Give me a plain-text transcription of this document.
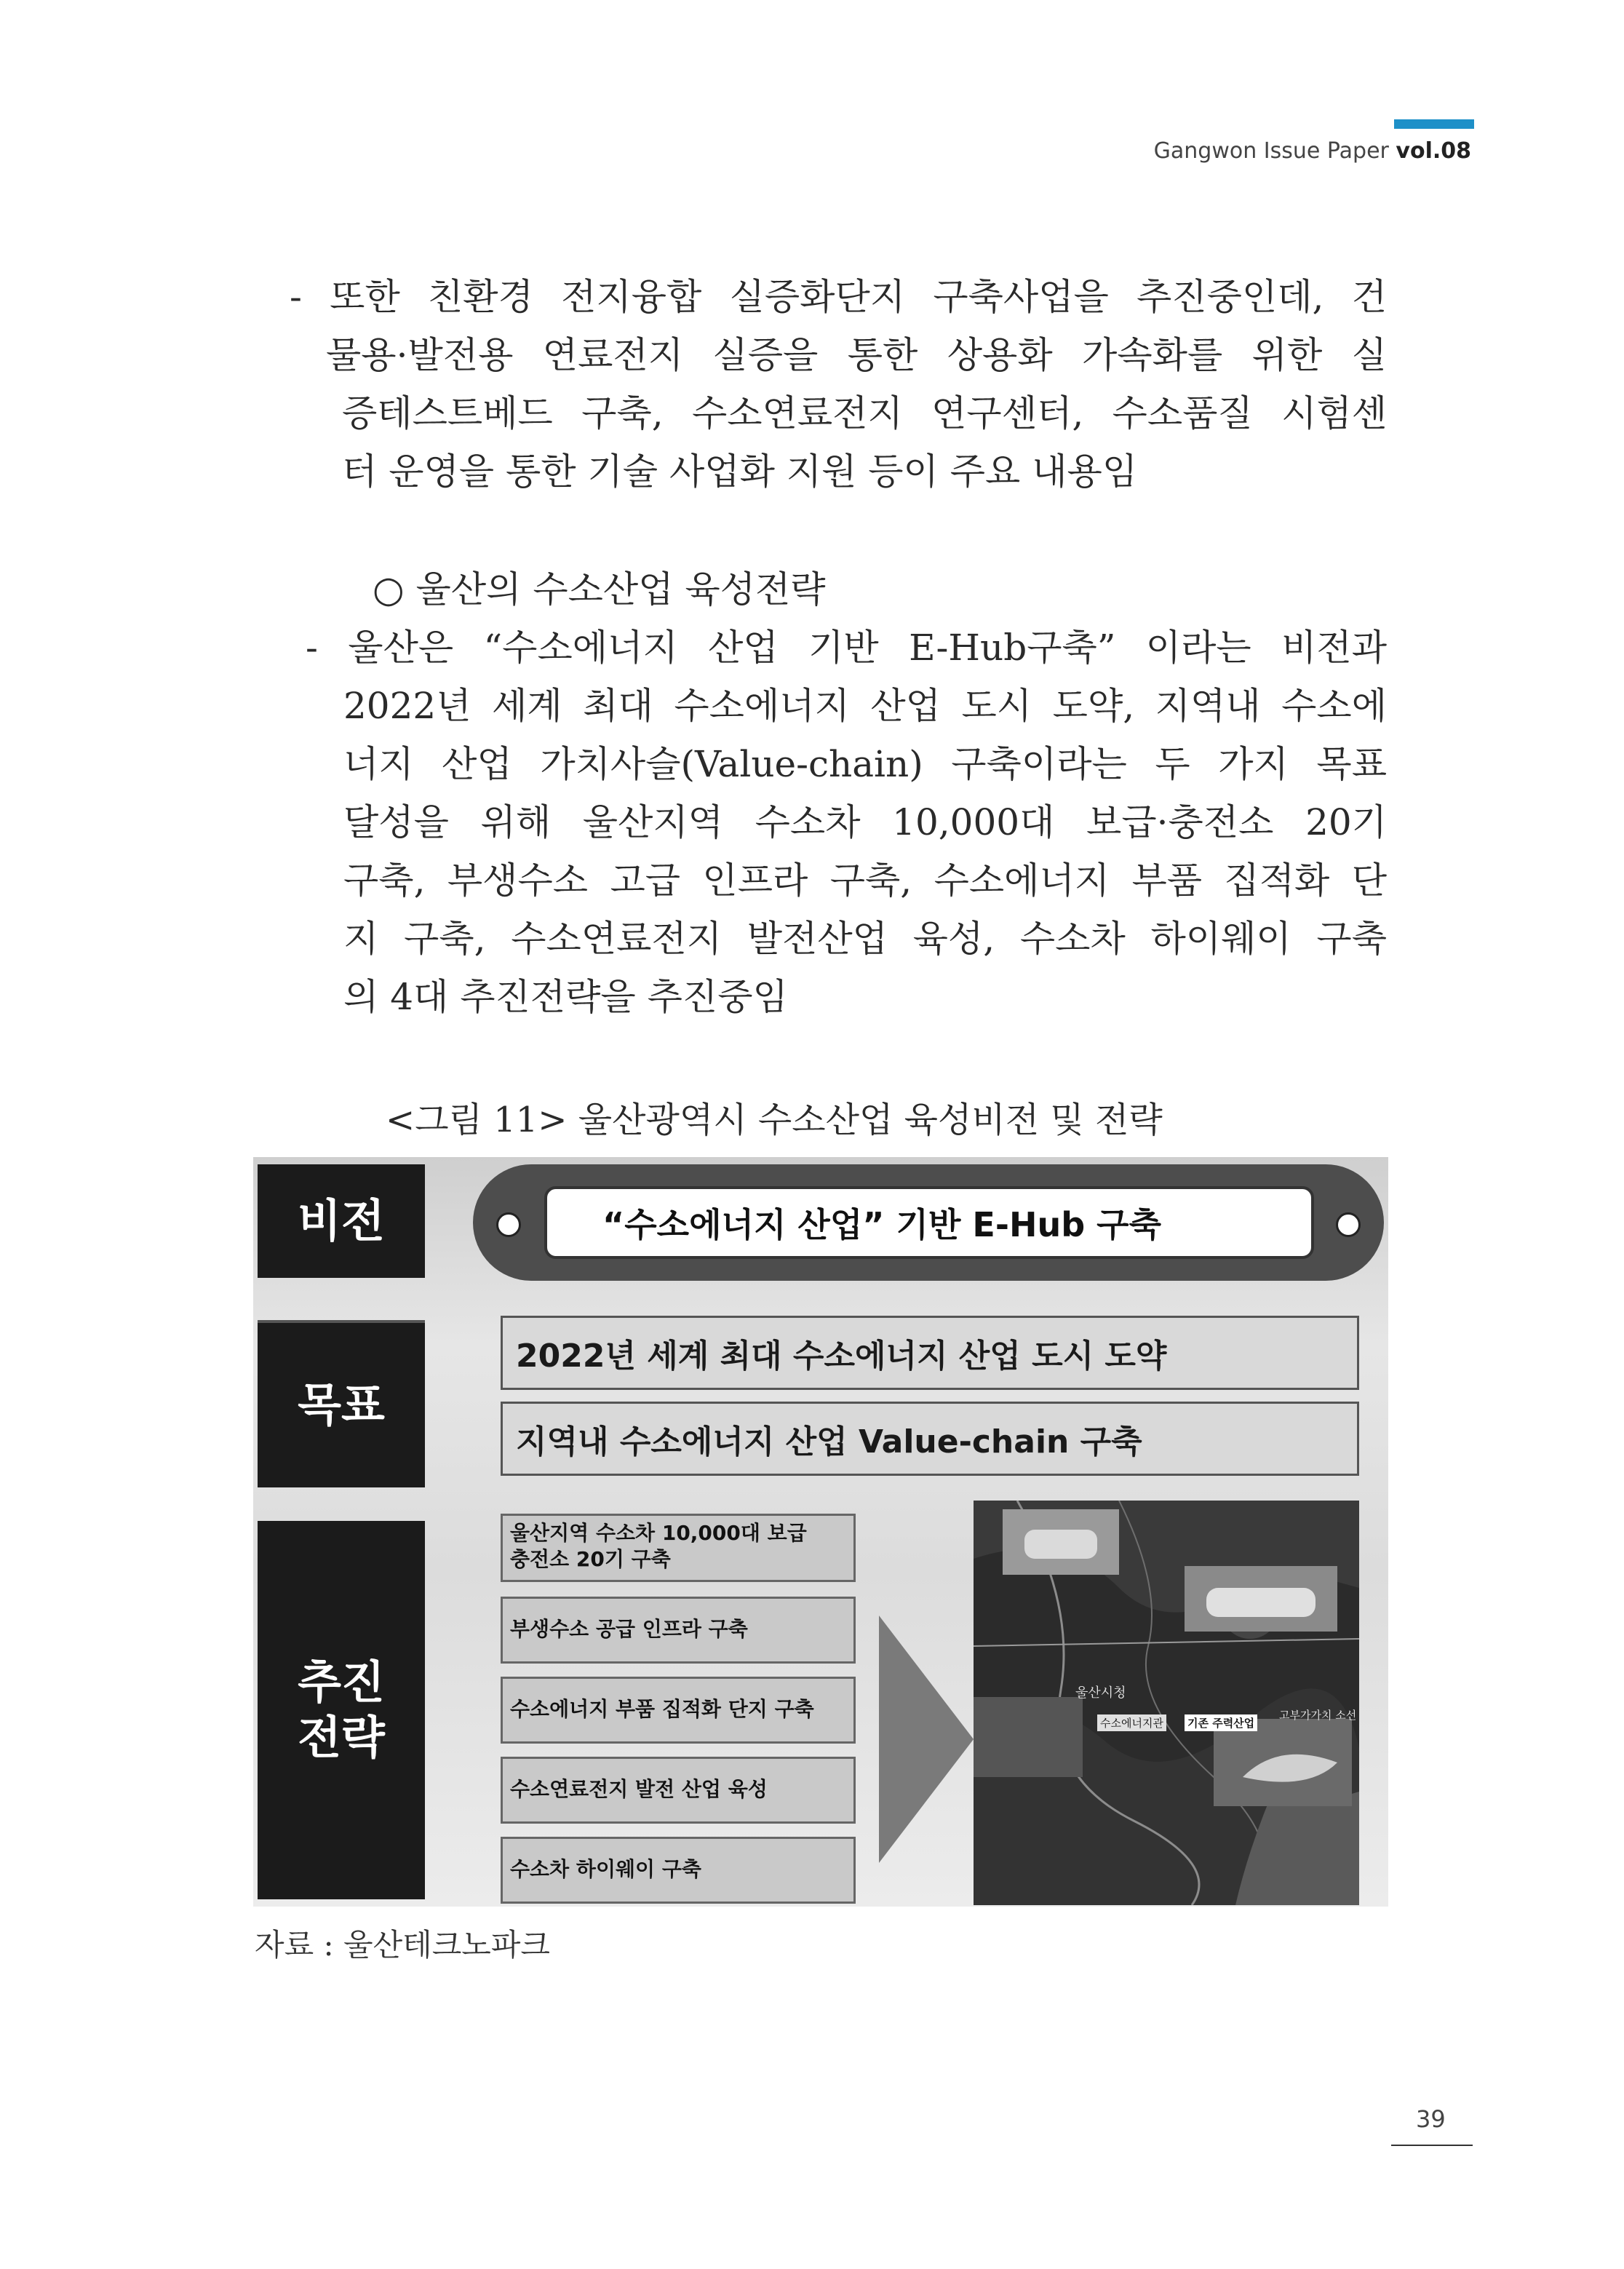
Gangwon Issue Paper vol.08
- 또한 친환경 전지융합 실증화단지 구축사업을 추진중인데, 건
물용·발전용 연료전지 실증을 통한 상용화 가속화를 위한 실
증테스트베드 구축, 수소연료전지 연구센터, 수소품질 시험센
터 운영을 통한 기술 사업화 지원 등이 주요 내용임
○ 울산의 수소산업 육성전략
- 울산은 “수소에너지 산업 기반 E-Hub구축” 이라는 비전과
2022년 세계 최대 수소에너지 산업 도시 도약, 지역내 수소에
너지 산업 가치사슬(Value-chain) 구축이라는 두 가지 목표
달성을 위해 울산지역 수소차 10,000대 보급·충전소 20기
구축, 부생수소 고급 인프라 구축, 수소에너지 부품 집적화 단
지 구축, 수소연료전지 발전산업 육성, 수소차 하이웨이 구축
의 4대 추진전략을 추진중임
<그림 11> 울산광역시 수소산업 육성비전 및 전략
비전
목표
추진
전략
“수소에너지 산업” 기반 E-Hub 구축
2022년 세계 최대 수소에너지 산업 도시 도약
지역내 수소에너지 산업 Value-chain 구축
울산지역 수소차 10,000대 보급
충전소 20기 구축
부생수소 공급 인프라 구축
수소에너지 부품 집적화 단지 구축
수소연료전지 발전 산업 육성
수소차 하이웨이 구축
울산시청
수소에너지관 기존 주력산업
고부가가치 소선
자료 : 울산테크노파크
39
